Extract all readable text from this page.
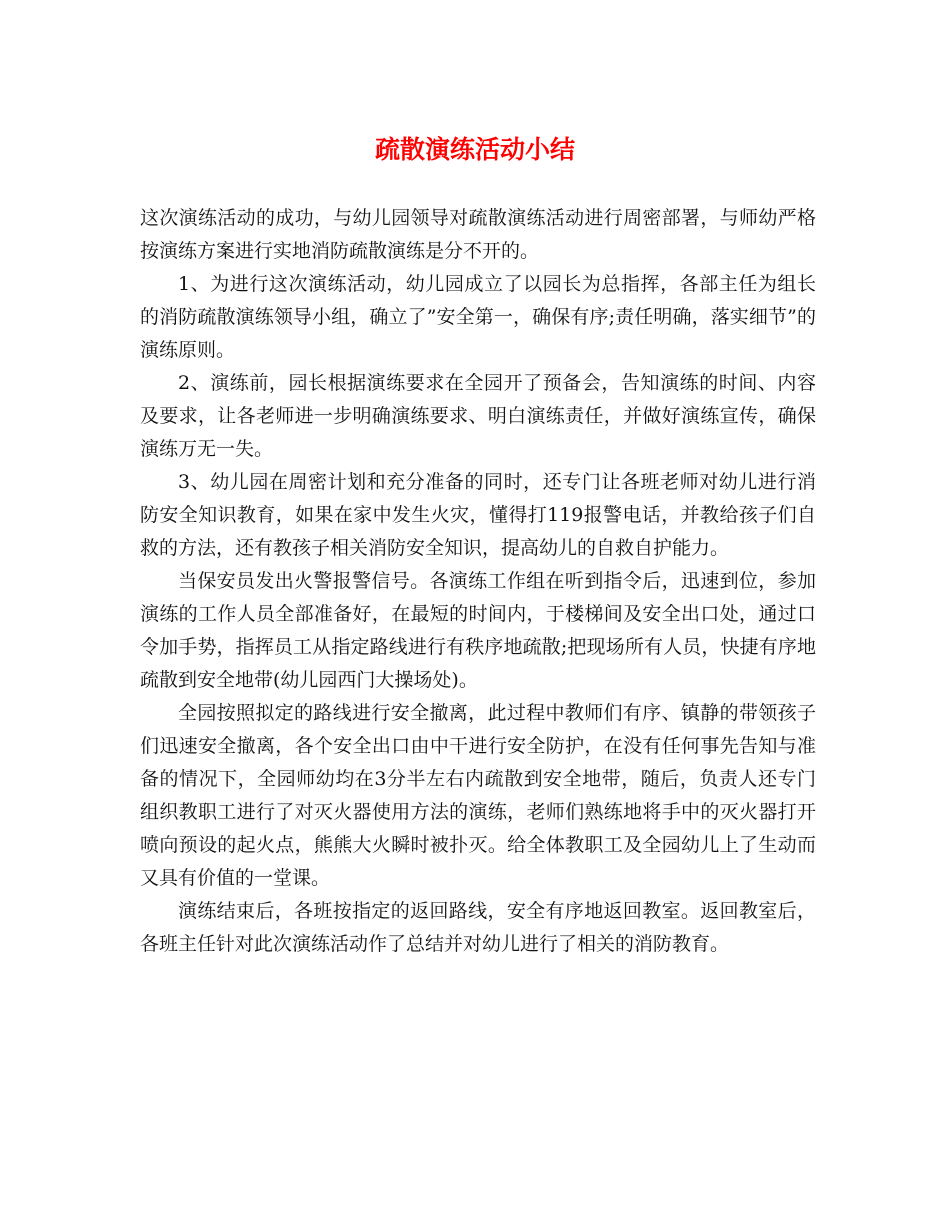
疏散演练活动小结

这次演练活动的成功，与幼儿园领导对疏散演练活动进行周密部署，与师幼严格按演练方案进行实地消防疏散演练是分不开的。

1、为进行这次演练活动，幼儿园成立了以园长为总指挥，各部主任为组长的消防疏散演练领导小组，确立了”安全第一，确保有序;责任明确，落实细节”的演练原则。

2、演练前，园长根据演练要求在全园开了预备会，告知演练的时间、内容及要求，让各老师进一步明确演练要求、明白演练责任，并做好演练宣传，确保演练万无一失。

3、幼儿园在周密计划和充分准备的同时，还专门让各班老师对幼儿进行消防安全知识教育，如果在家中发生火灾，懂得打119报警电话，并教给孩子们自救的方法，还有教孩子相关消防安全知识，提高幼儿的自救自护能力。

当保安员发出火警报警信号。各演练工作组在听到指令后，迅速到位，参加演练的工作人员全部准备好，在最短的时间内，于楼梯间及安全出口处，通过口令加手势，指挥员工从指定路线进行有秩序地疏散;把现场所有人员，快捷有序地疏散到安全地带(幼儿园西门大操场处)。

全园按照拟定的路线进行安全撤离，此过程中教师们有序、镇静的带领孩子们迅速安全撤离，各个安全出口由中干进行安全防护，在没有任何事先告知与准备的情况下，全园师幼均在3分半左右内疏散到安全地带，随后，负责人还专门组织教职工进行了对灭火器使用方法的演练，老师们熟练地将手中的灭火器打开喷向预设的起火点，熊熊大火瞬时被扑灭。给全体教职工及全园幼儿上了生动而又具有价值的一堂课。

演练结束后，各班按指定的返回路线，安全有序地返回教室。返回教室后，各班主任针对此次演练活动作了总结并对幼儿进行了相关的消防教育。
